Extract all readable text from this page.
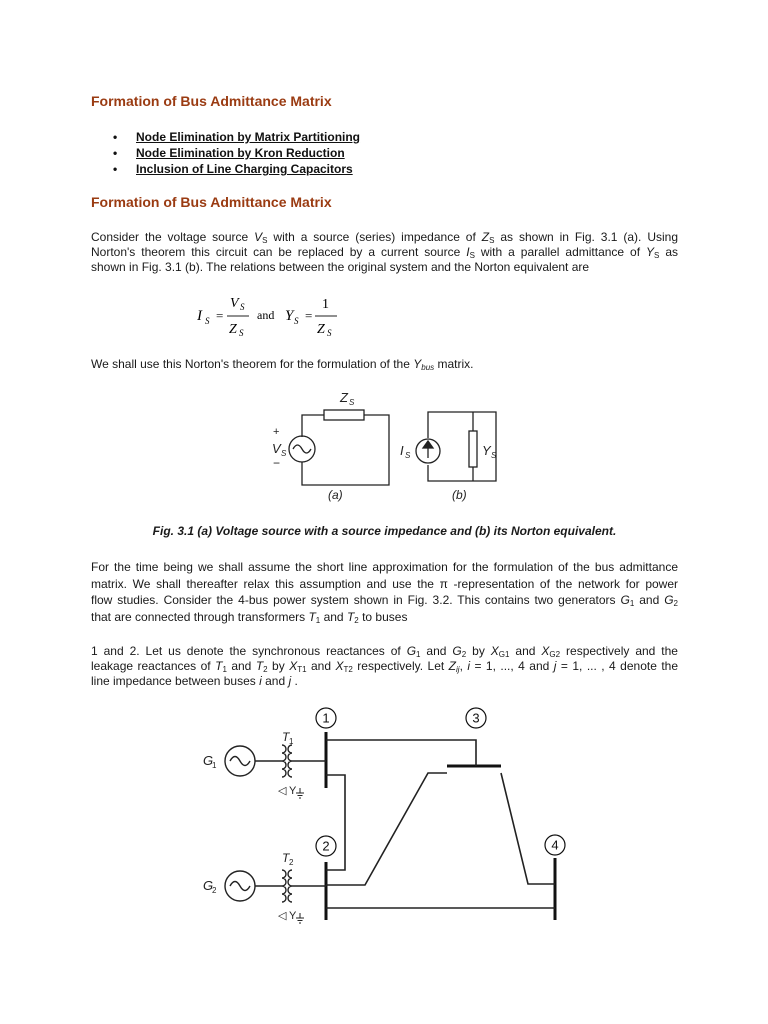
Formation of Bus Admittance Matrix
• Node Elimination by Matrix Partitioning
• Node Elimination by Kron Reduction
• Inclusion of Line Charging Capacitors
Formation of Bus Admittance Matrix
Consider the voltage source $V_S$ with a source (series) impedance of $Z_S$ as shown in Fig. 3.1 (a). Using
Norton's theorem this circuit can be replaced by a current source $I_S$ with a parallel admittance of $Y_S$ as
shown in Fig. 3.1 (b). The relations between the original system and the Norton equivalent are
I S =
V S
Z S
and Y S =
1
Z S
We shall use this Norton's theorem for the formulation of the $Y_{bus}$ matrix.
Z S
+
V S
−
(a)
I S	Y S
(b)
Fig. 3.1 (a) Voltage source with a source impedance and (b) its Norton equivalent.
For the time being we shall assume the short line approximation for the formulation of the bus admittance
matrix. We shall thereafter relax this assumption and use the π -representation of the network for power
flow studies. Consider the 4-bus power system shown in Fig. 3.2. This contains two generators $G_1$ and $G_2$
that are connected through transformers $T_1$ and $T_2$ to buses
1 and 2. Let us denote the synchronous reactances of $G_1$ and $G_2$ by $X_{G1}$ and $X_{G2}$ respectively and the
leakage reactances of $T_1$ and $T_2$ by $X_{T1}$ and $X_{T2}$ respectively. Let $Z_{ij}$, i = 1, ..., 4 and j = 1, ... , 4 denote the
line impedance between buses i and j .
1
2
3
4
T 1
G
1
◁ Y
T 2
G
2
◁ Y
